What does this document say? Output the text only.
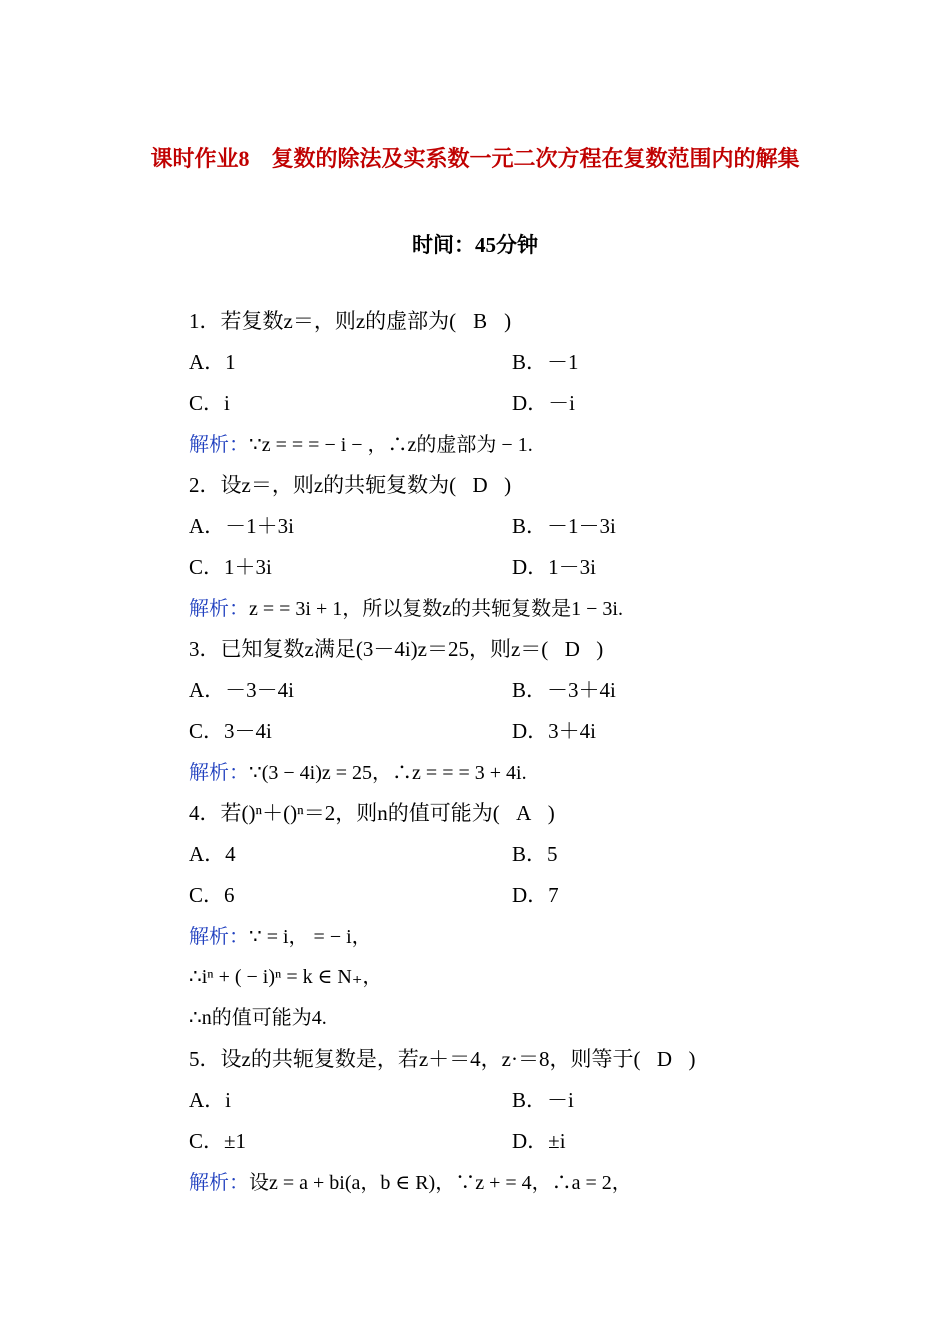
课时作业8　复数的除法及实系数一元二次方程在复数范围内的解集
时间：45分钟
1．若复数z＝，则z的虚部为( B )
A．1	B．－1
C．i	D．－i
解析：∵z = = = − i − ，∴z的虚部为 − 1.
2．设z＝，则z的共轭复数为( D )
A．－1＋3i	B．－1－3i
C．1＋3i	D．1－3i
解析：z = = 3i + 1，所以复数z的共轭复数是1 − 3i.
3．已知复数z满足(3－4i)z＝25，则z＝( D )
A．－3－4i	B．－3＋4i
C．3－4i	D．3＋4i
解析：∵(3 − 4i)z = 25，∴z = = = 3 + 4i.
4．若()ⁿ＋()ⁿ＝2，则n的值可能为( A )
A．4	B．5
C．6	D．7
解析：∵ = i， = − i，
∴iⁿ + ( − i)ⁿ = k ∈ N₊，
∴n的值可能为4.
5．设z的共轭复数是，若z＋＝4，z·＝8，则等于( D )
A．i	B．－i
C．±1	D．±i
解析：设z = a + bi(a，b ∈ R)，∵z + = 4，∴a = 2，
